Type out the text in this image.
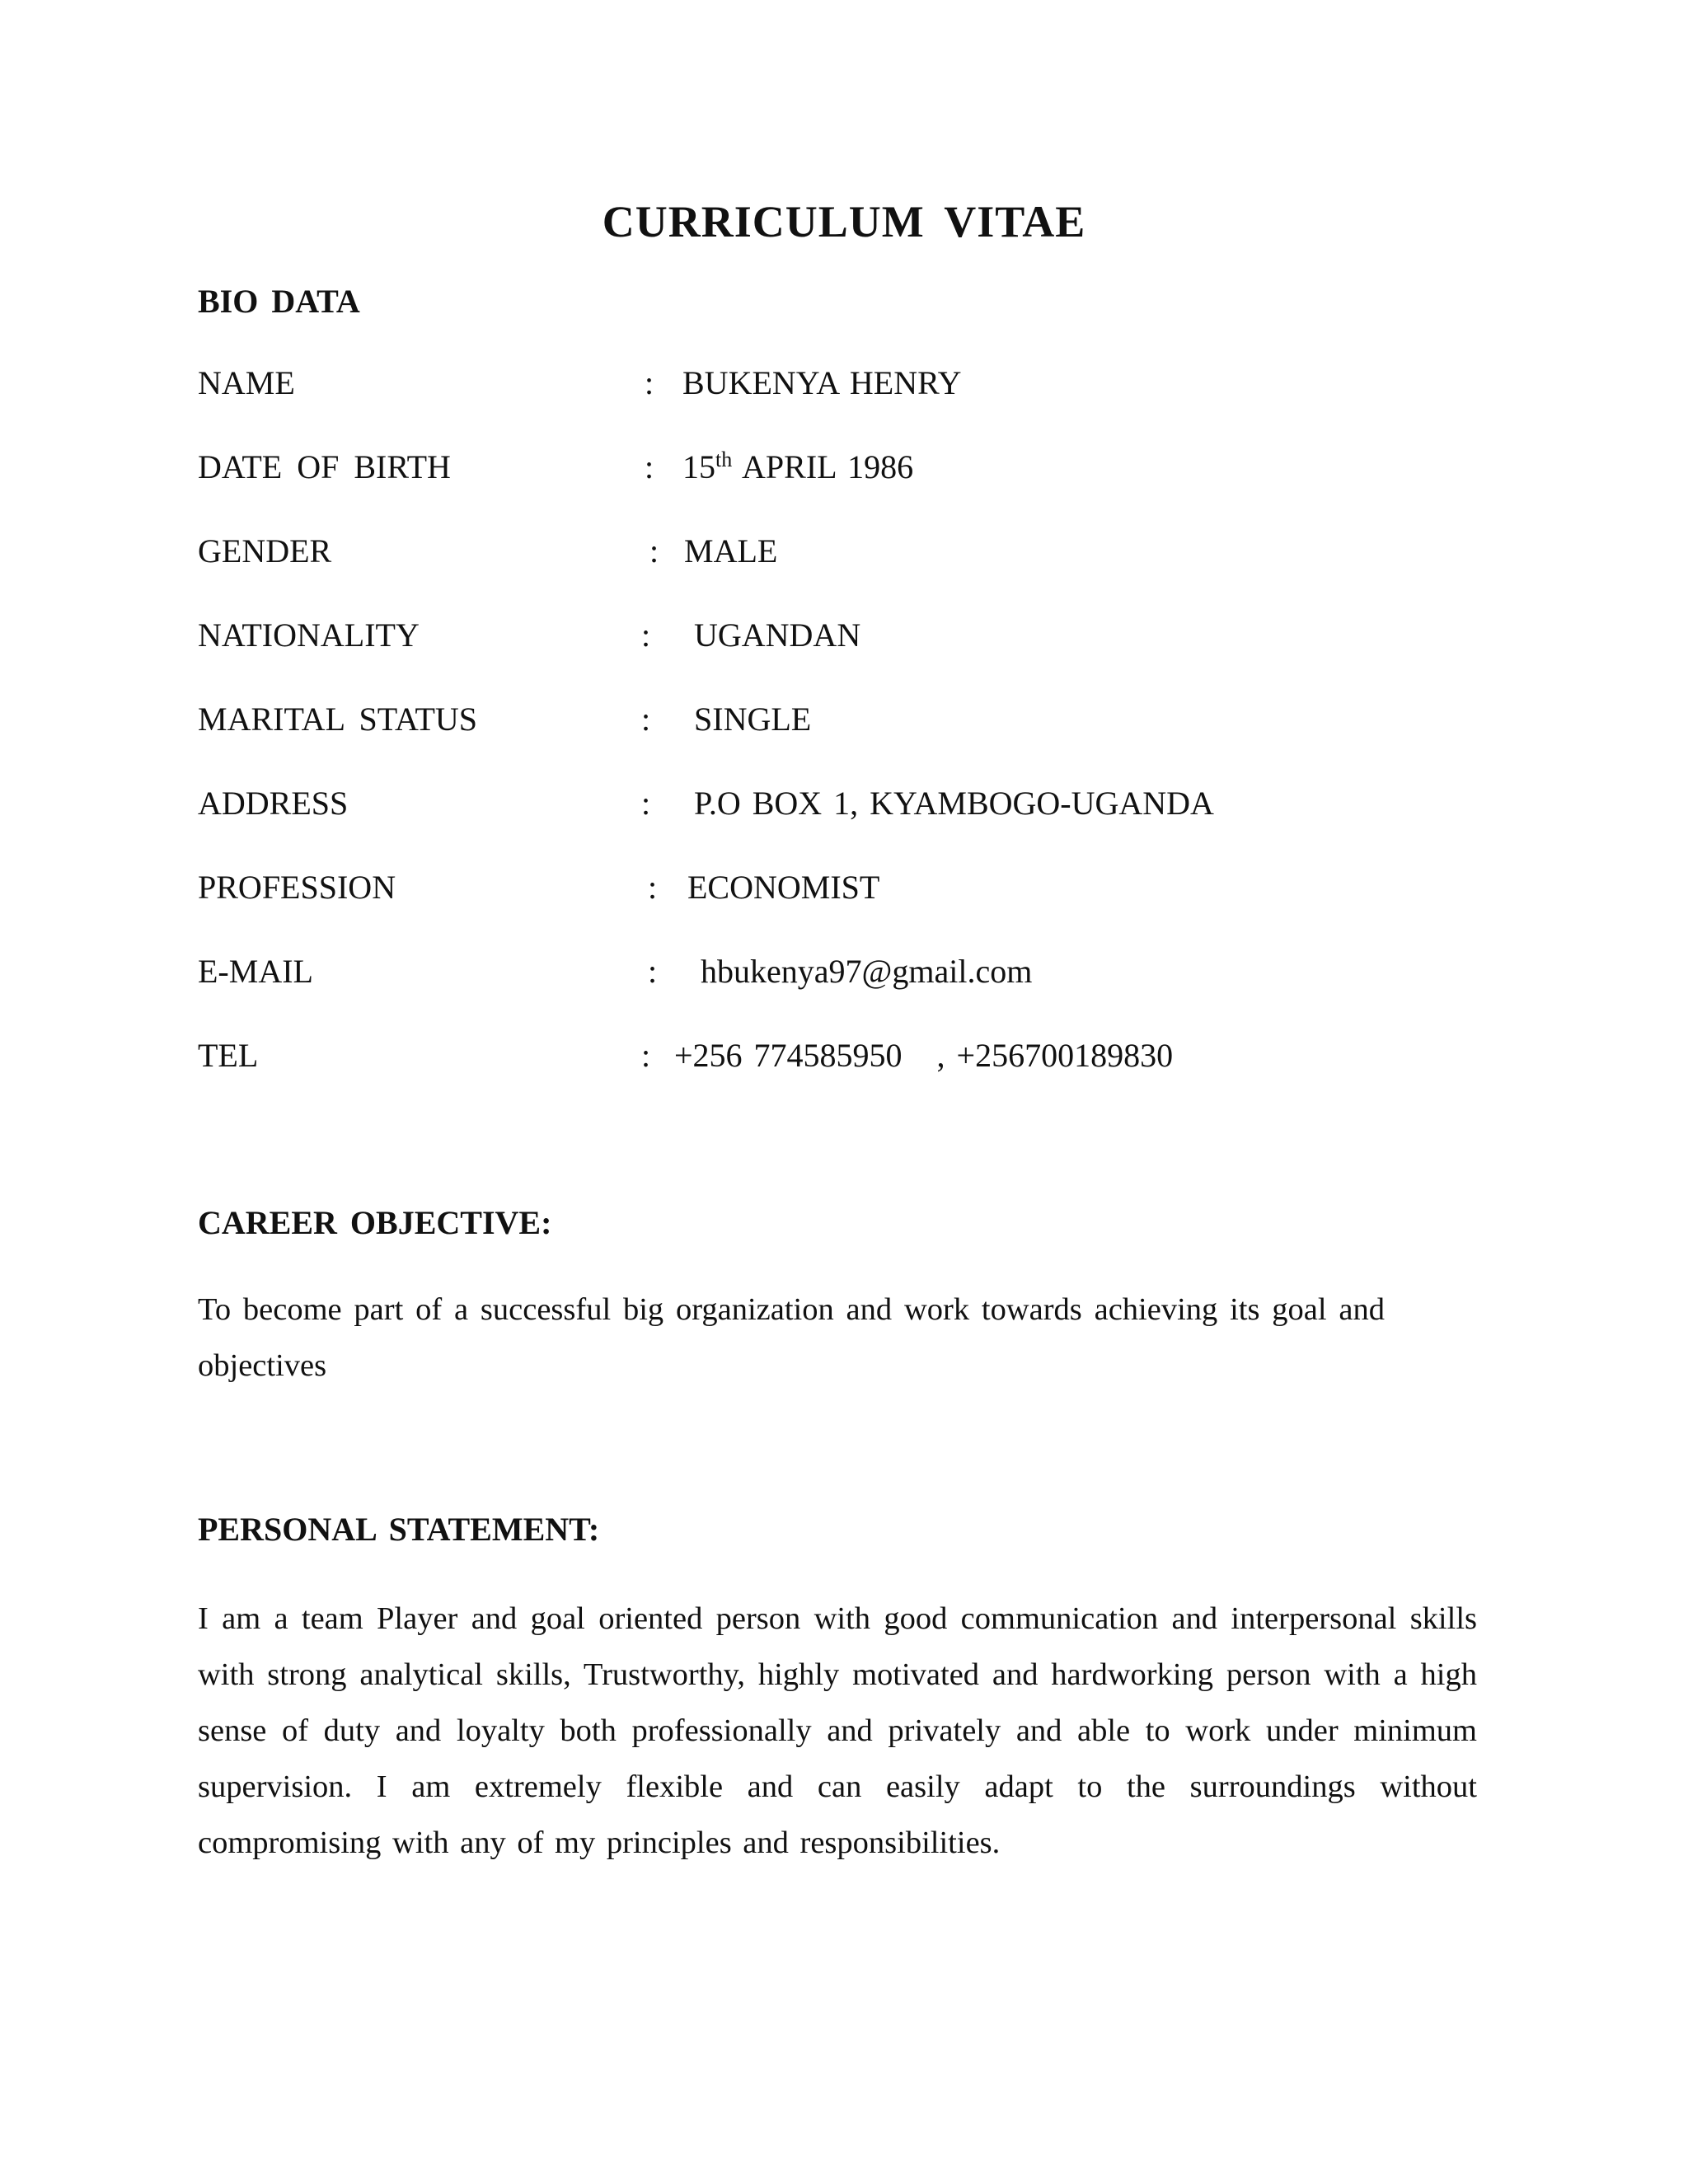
CURRICULUM VITAE
BIO DATA
NAME	: BUKENYA HENRY
DATE OF BIRTH	: 15th APRIL 1986
GENDER	: MALE
NATIONALITY	: UGANDAN
MARITAL STATUS	: SINGLE
ADDRESS	: P.O BOX 1, KYAMBOGO-UGANDA
PROFESSION	: ECONOMIST
E-MAIL	: hbukenya97@gmail.com
TEL	: +256 774585950   , +256700189830
CAREER OBJECTIVE:
To become part of a successful big organization and work towards achieving its goal and objectives
PERSONAL STATEMENT:
I am a team Player and goal oriented person with good communication and interpersonal skills with strong analytical skills, Trustworthy, highly motivated and hardworking person with a high sense of duty and loyalty both professionally and privately and able to work under minimum supervision. I am extremely flexible and can easily adapt to the surroundings without compromising with any of my principles and responsibilities.
